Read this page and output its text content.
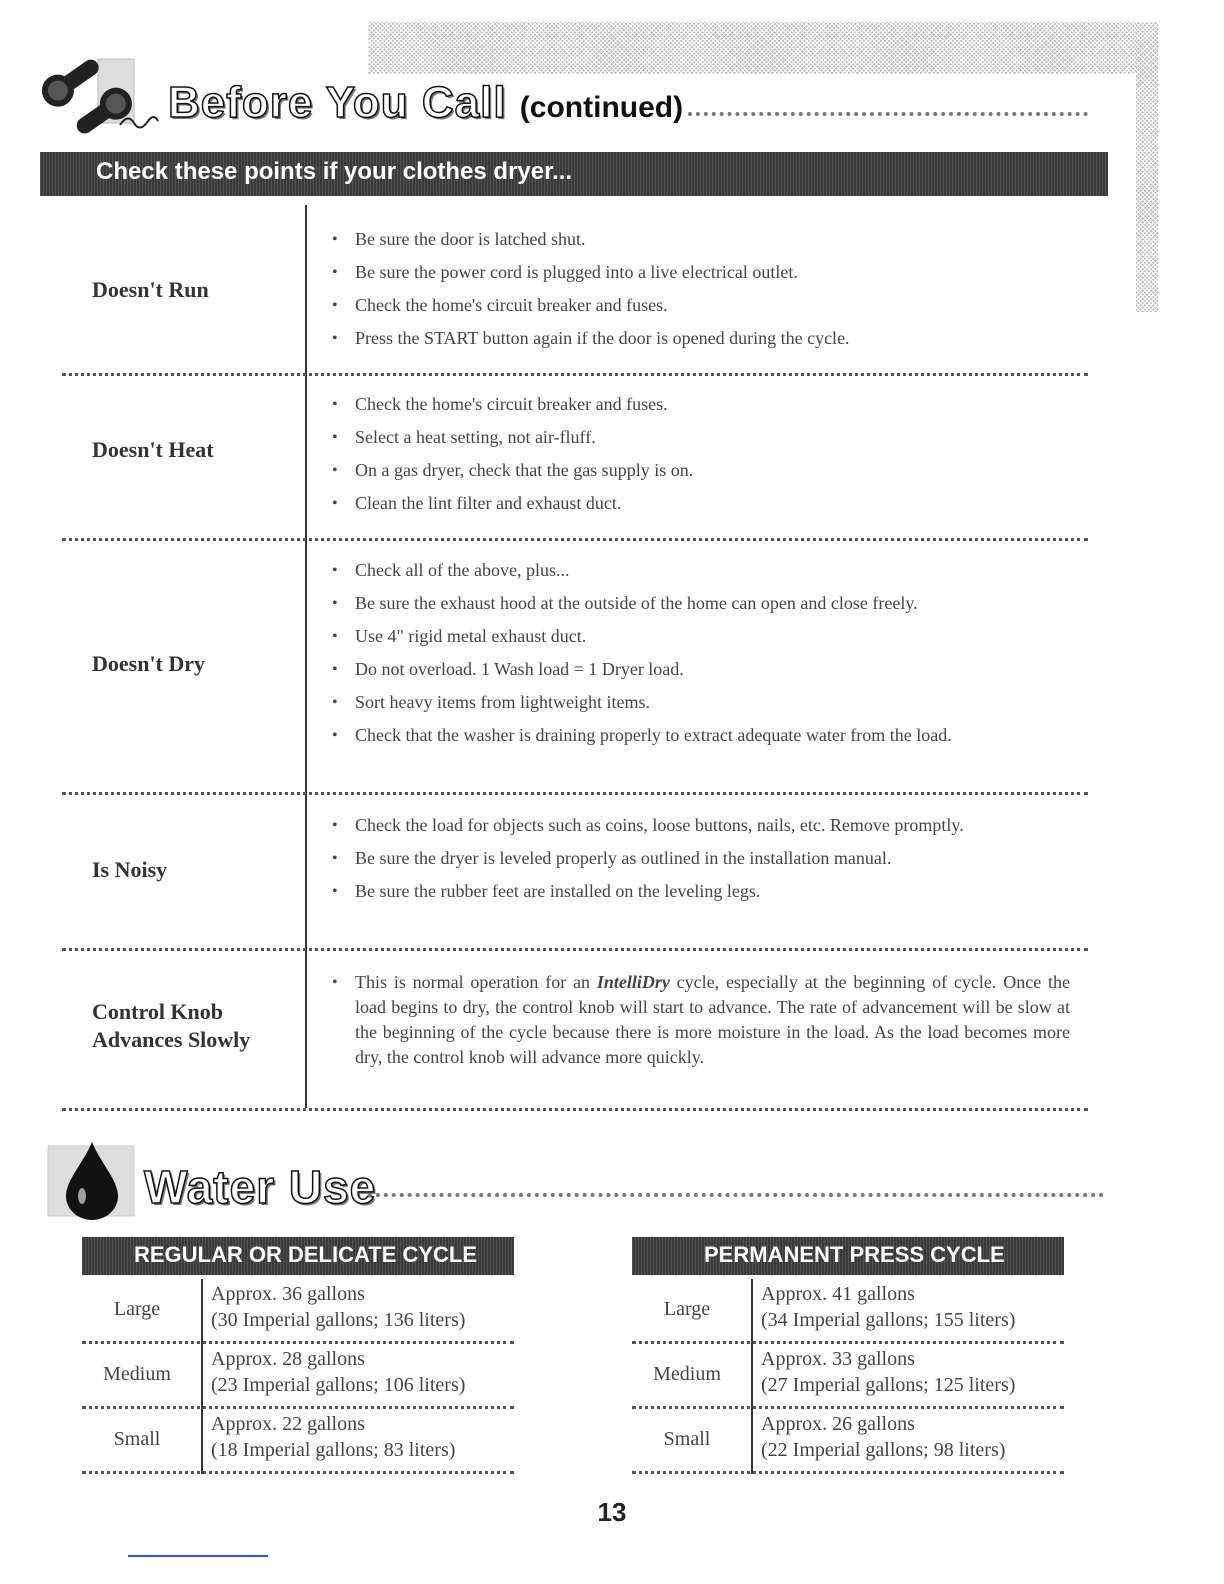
Before You Call (continued)
Check these points if your clothes dryer...
Doesn't Run
• Be sure the door is latched shut.
• Be sure the power cord is plugged into a live electrical outlet.
• Check the home's circuit breaker and fuses.
• Press the START button again if the door is opened during the cycle.
Doesn't Heat
• Check the home's circuit breaker and fuses.
• Select a heat setting, not air-fluff.
• On a gas dryer, check that the gas supply is on.
• Clean the lint filter and exhaust duct.
Doesn't Dry
• Check all of the above, plus...
• Be sure the exhaust hood at the outside of the home can open and close freely.
• Use 4" rigid metal exhaust duct.
• Do not overload. 1 Wash load = 1 Dryer load.
• Sort heavy items from lightweight items.
• Check that the washer is draining properly to extract adequate water from the load.
Is Noisy
• Check the load for objects such as coins, loose buttons, nails, etc. Remove promptly.
• Be sure the dryer is leveled properly as outlined in the installation manual.
• Be sure the rubber feet are installed on the leveling legs.
Control Knob
Advances Slowly
• This is normal operation for an IntelliDry cycle, especially at the beginning of cycle. Once the load begins to dry, the control knob will start to advance. The rate of advancement will be slow at the beginning of the cycle because there is more moisture in the load. As the load becomes more dry, the control knob will advance more quickly.
Water Use
REGULAR OR DELICATE CYCLE
Large
Approx. 36 gallons
(30 Imperial gallons; 136 liters)
Medium
Approx. 28 gallons
(23 Imperial gallons; 106 liters)
Small
Approx. 22 gallons
(18 Imperial gallons; 83 liters)
PERMANENT PRESS CYCLE
Large
Approx. 41 gallons
(34 Imperial gallons; 155 liters)
Medium
Approx. 33 gallons
(27 Imperial gallons; 125 liters)
Small
Approx. 26 gallons
(22 Imperial gallons; 98 liters)
13
